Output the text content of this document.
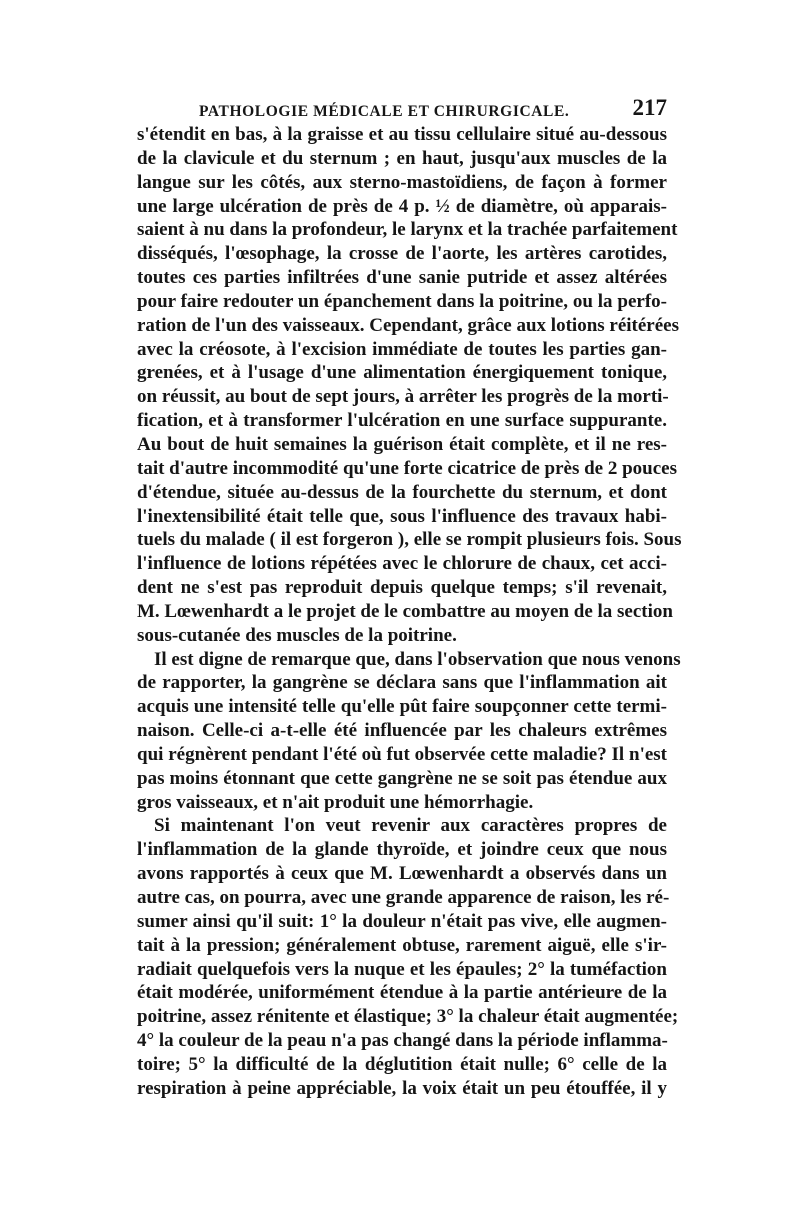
PATHOLOGIE MÉDICALE ET CHIRURGICALE.	217
s'étendit en bas, à la graisse et au tissu cellulaire situé au-dessous
de la clavicule et du sternum ; en haut, jusqu'aux muscles de la
langue sur les côtés, aux sterno-mastoïdiens, de façon à former
une large ulcération de près de 4 p. ½ de diamètre, où apparais-
saient à nu dans la profondeur, le larynx et la trachée parfaitement
disséqués, l'œsophage, la crosse de l'aorte, les artères carotides,
toutes ces parties infiltrées d'une sanie putride et assez altérées
pour faire redouter un épanchement dans la poitrine, ou la perfo-
ration de l'un des vaisseaux. Cependant, grâce aux lotions réitérées
avec la créosote, à l'excision immédiate de toutes les parties gan-
grenées, et à l'usage d'une alimentation énergiquement tonique,
on réussit, au bout de sept jours, à arrêter les progrès de la morti-
fication, et à transformer l'ulcération en une surface suppurante.
Au bout de huit semaines la guérison était complète, et il ne res-
tait d'autre incommodité qu'une forte cicatrice de près de 2 pouces
d'étendue, située au-dessus de la fourchette du sternum, et dont
l'inextensibilité était telle que, sous l'influence des travaux habi-
tuels du malade ( il est forgeron ), elle se rompit plusieurs fois. Sous
l'influence de lotions répétées avec le chlorure de chaux, cet acci-
dent ne s'est pas reproduit depuis quelque temps; s'il revenait,
M. Lœwenhardt a le projet de le combattre au moyen de la section
sous-cutanée des muscles de la poitrine.
Il est digne de remarque que, dans l'observation que nous venons
de rapporter, la gangrène se déclara sans que l'inflammation ait
acquis une intensité telle qu'elle pût faire soupçonner cette termi-
naison. Celle-ci a-t-elle été influencée par les chaleurs extrêmes
qui régnèrent pendant l'été où fut observée cette maladie? Il n'est
pas moins étonnant que cette gangrène ne se soit pas étendue aux
gros vaisseaux, et n'ait produit une hémorrhagie.
Si maintenant l'on veut revenir aux caractères propres de
l'inflammation de la glande thyroïde, et joindre ceux que nous
avons rapportés à ceux que M. Lœwenhardt a observés dans un
autre cas, on pourra, avec une grande apparence de raison, les ré-
sumer ainsi qu'il suit: 1° la douleur n'était pas vive, elle augmen-
tait à la pression; généralement obtuse, rarement aiguë, elle s'ir-
radiait quelquefois vers la nuque et les épaules; 2° la tuméfaction
était modérée, uniformément étendue à la partie antérieure de la
poitrine, assez rénitente et élastique; 3° la chaleur était augmentée;
4° la couleur de la peau n'a pas changé dans la période inflamma-
toire; 5° la difficulté de la déglutition était nulle; 6° celle de la
respiration à peine appréciable, la voix était un peu étouffée, il y
